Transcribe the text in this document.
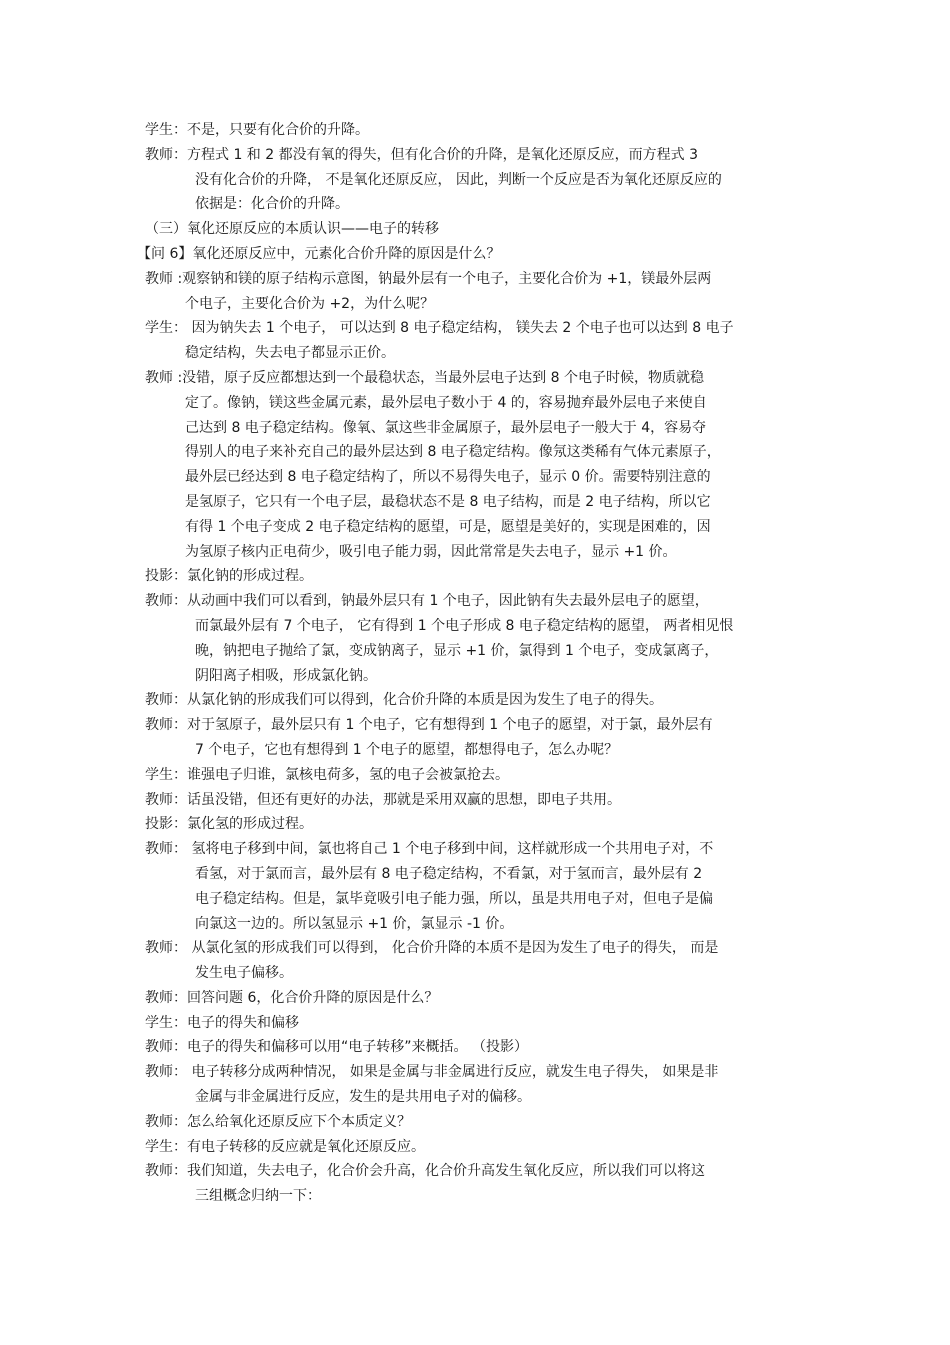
学生：不是，只要有化合价的升降。
教师：方程式 1 和 2 都没有氧的得失，但有化合价的升降，是氧化还原反应，而方程式 3
没有化合价的升降， 不是氧化还原反应， 因此，判断一个反应是否为氧化还原反应的
依据是：化合价的升降。
（三）氧化还原反应的本质认识——电子的转移
【问 6】氧化还原反应中，元素化合价升降的原因是什么？
教师 :观察钠和镁的原子结构示意图，钠最外层有一个电子，主要化合价为 +1，镁最外层两
个电子，主要化合价为 +2，为什么呢？
学生： 因为钠失去 1 个电子， 可以达到 8 电子稳定结构， 镁失去 2 个电子也可以达到 8 电子
稳定结构，失去电子都显示正价。
教师 :没错，原子反应都想达到一个最稳状态，当最外层电子达到 8 个电子时候，物质就稳
定了。像钠，镁这些金属元素，最外层电子数小于 4 的，容易抛弃最外层电子来使自
己达到 8 电子稳定结构。像氧、氯这些非金属原子，最外层电子一般大于 4，容易夺
得别人的电子来补充自己的最外层达到 8 电子稳定结构。像氖这类稀有气体元素原子，
最外层已经达到 8 电子稳定结构了，所以不易得失电子，显示 0 价。需要特别注意的
是氢原子，它只有一个电子层，最稳状态不是 8 电子结构，而是 2 电子结构，所以它
有得 1 个电子变成 2 电子稳定结构的愿望，可是，愿望是美好的，实现是困难的，因
为氢原子核内正电荷少，吸引电子能力弱，因此常常是失去电子，显示 +1 价。
投影：氯化钠的形成过程。
教师：从动画中我们可以看到，钠最外层只有 1 个电子，因此钠有失去最外层电子的愿望，
而氯最外层有 7 个电子， 它有得到 1 个电子形成 8 电子稳定结构的愿望， 两者相见恨
晚，钠把电子抛给了氯，变成钠离子，显示 +1 价，氯得到 1 个电子，变成氯离子，
阴阳离子相吸，形成氯化钠。
教师：从氯化钠的形成我们可以得到，化合价升降的本质是因为发生了电子的得失。
教师：对于氢原子，最外层只有 1 个电子，它有想得到 1 个电子的愿望，对于氯，最外层有
7 个电子，它也有想得到 1 个电子的愿望，都想得电子，怎么办呢？
学生：谁强电子归谁，氯核电荷多，氢的电子会被氯抢去。
教师：话虽没错，但还有更好的办法，那就是采用双赢的思想，即电子共用。
投影：氯化氢的形成过程。
教师： 氢将电子移到中间，氯也将自己 1 个电子移到中间，这样就形成一个共用电子对，不
看氢，对于氯而言，最外层有 8 电子稳定结构，不看氯，对于氢而言，最外层有 2
电子稳定结构。但是，氯毕竟吸引电子能力强，所以，虽是共用电子对，但电子是偏
向氯这一边的。所以氢显示 +1 价，氯显示 -1 价。
教师： 从氯化氢的形成我们可以得到， 化合价升降的本质不是因为发生了电子的得失， 而是
发生电子偏移。
教师：回答问题 6，化合价升降的原因是什么？
学生：电子的得失和偏移
教师：电子的得失和偏移可以用“电子转移”来概括。 （投影）
教师： 电子转移分成两种情况， 如果是金属与非金属进行反应，就发生电子得失， 如果是非
金属与非金属进行反应，发生的是共用电子对的偏移。
教师：怎么给氧化还原反应下个本质定义？
学生：有电子转移的反应就是氧化还原反应。
教师：我们知道，失去电子，化合价会升高，化合价升高发生氧化反应，所以我们可以将这
三组概念归纳一下：
